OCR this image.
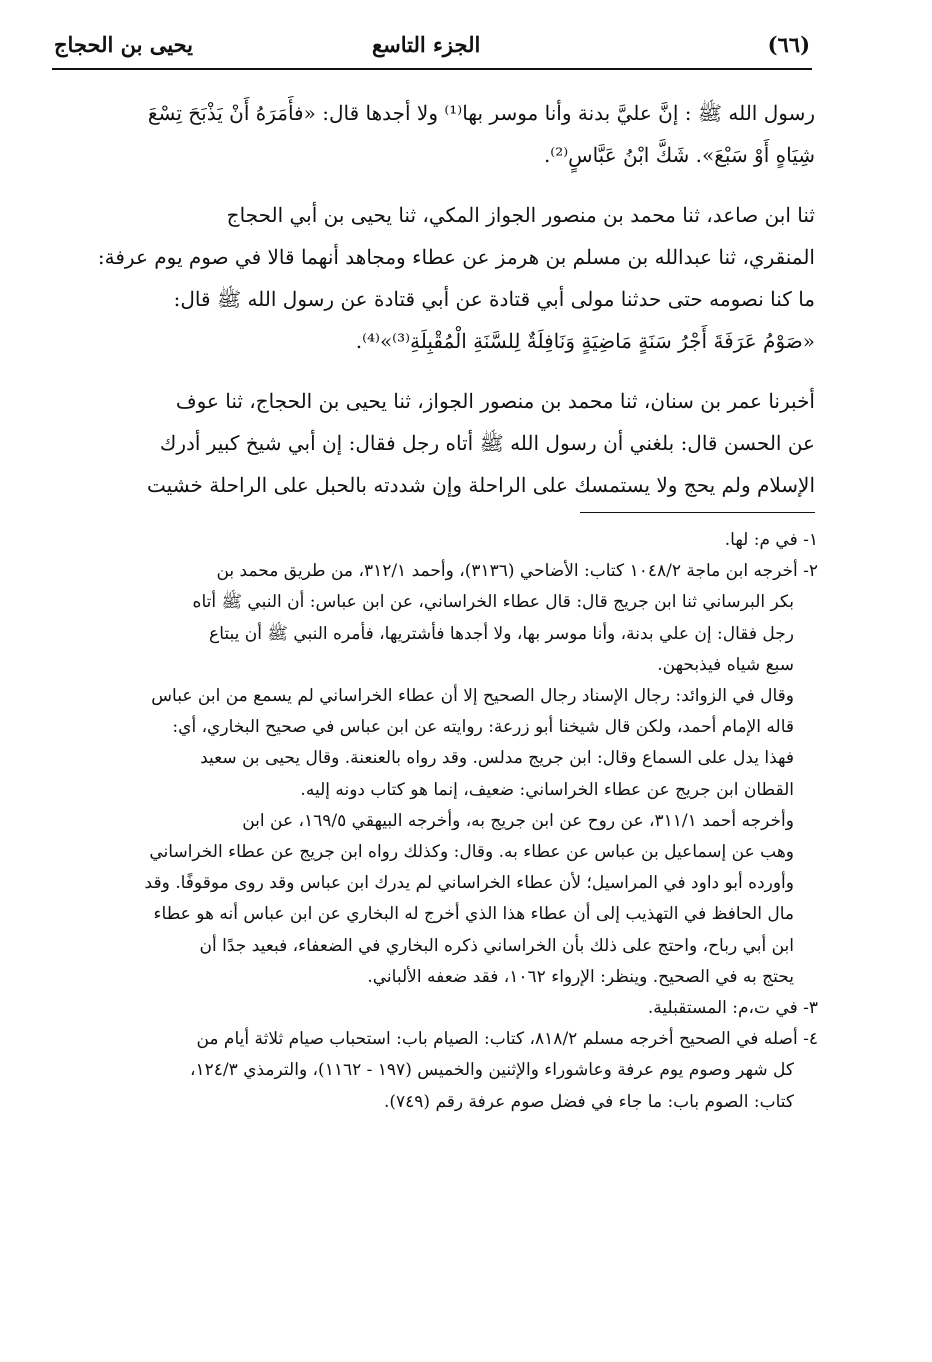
(٦٦)
الجزء التاسع
يحيى بن الحجاج
رسول الله ﷺ : إنَّ عليَّ بدنة وأنا موسر بها⁽¹⁾ ولا أجدها قال: «فأَمَرَهُ أَنْ يَذْبَحَ تِسْعَ
شِيَاهٍ أَوْ سَبْعَ». شَكَّ ابْنُ عَبَّاسٍ⁽²⁾.
ثنا ابن صاعد، ثنا محمد بن منصور الجواز المكي، ثنا يحيى بن أبي الحجاج
المنقري، ثنا عبدالله بن مسلم بن هرمز عن عطاء ومجاهد أنهما قالا في صوم يوم عرفة:
ما كنا نصومه حتى حدثنا مولى أبي قتادة عن أبي قتادة عن رسول الله ﷺ قال:
«صَوْمُ عَرَفَةَ أَجْرُ سَنَةٍ مَاضِيَةٍ وَنَافِلَةٌ لِلسَّنَةِ الْمُقْبِلَةِ⁽³⁾»⁽⁴⁾.
أخبرنا عمر بن سنان، ثنا محمد بن منصور الجواز، ثنا يحيى بن الحجاج، ثنا عوف
عن الحسن قال: بلغني أن رسول الله ﷺ أتاه رجل فقال: إن أبي شيخ كبير أدرك
الإسلام ولم يحج ولا يستمسك على الراحلة وإن شددته بالحبل على الراحلة خشيت
١- في م: لها.
٢- أخرجه ابن ماجة ١٠٤٨/٢ كتاب: الأضاحي (٣١٣٦)، وأحمد ٣١٢/١، من طريق محمد بن
بكر البرساني ثنا ابن جريج قال: قال عطاء الخراساني، عن ابن عباس: أن النبي ﷺ أتاه
رجل فقال: إن علي بدنة، وأنا موسر بها، ولا أجدها فأشتريها، فأمره النبي ﷺ أن يبتاع
سبع شياه فيذبحهن.
وقال في الزوائد: رجال الإسناد رجال الصحيح إلا أن عطاء الخراساني لم يسمع من ابن عباس
قاله الإمام أحمد، ولكن قال شيخنا أبو زرعة: روايته عن ابن عباس في صحيح البخاري، أي:
فهذا يدل على السماع وقال: ابن جريج مدلس. وقد رواه بالعنعنة. وقال يحيى بن سعيد
القطان ابن جريج عن عطاء الخراساني: ضعيف، إنما هو كتاب دونه إليه.
وأخرجه أحمد ٣١١/١، عن روح عن ابن جريج به، وأخرجه البيهقي ١٦٩/٥، عن ابن
وهب عن إسماعيل بن عباس عن عطاء به. وقال: وكذلك رواه ابن جريج عن عطاء الخراساني
وأورده أبو داود في المراسيل؛ لأن عطاء الخراساني لم يدرك ابن عباس وقد روى موقوفًا. وقد
مال الحافظ في التهذيب إلى أن عطاء هذا الذي أخرج له البخاري عن ابن عباس أنه هو عطاء
ابن أبي رباح، واحتج على ذلك بأن الخراساني ذكره البخاري في الضعفاء، فبعيد جدًا أن
يحتج به في الصحيح. وينظر: الإرواء ١٠٦٢، فقد ضعفه الألباني.
٣- في ت،م: المستقبلية.
٤- أصله في الصحيح أخرجه مسلم ٨١٨/٢، كتاب: الصيام باب: استحباب صيام ثلاثة أيام من
كل شهر وصوم يوم عرفة وعاشوراء والإثنين والخميس (١٩٧ - ١١٦٢)، والترمذي ١٢٤/٣،
كتاب: الصوم باب: ما جاء في فضل صوم عرفة رقم (٧٤٩).
